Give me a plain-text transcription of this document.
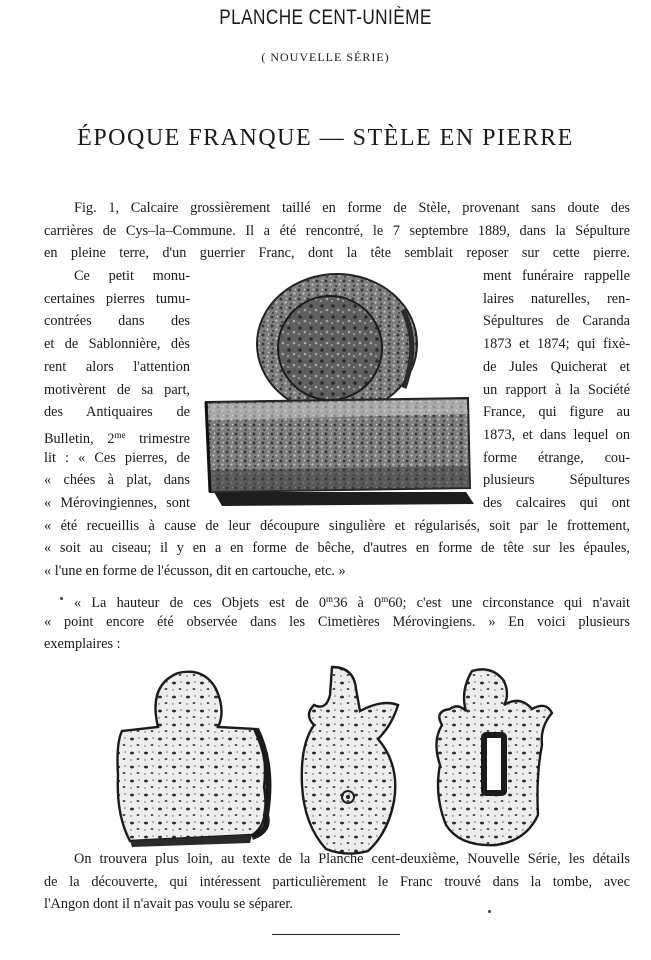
PLANCHE CENT-UNIÈME
( NOUVELLE SÉRIE)
ÉPOQUE FRANQUE — STÈLE EN PIERRE
Fig. 1, Calcaire grossièrement taillé en forme de Stèle, provenant sans doute des
carrières de Cys–la–Commune. Il a été rencontré, le 7 septembre 1889, dans la Sépulture
en pleine terre, d'un guerrier Franc, dont la tête semblait reposer sur cette pierre.
Ce petit monu-
certaines pierres tumu-
contrées dans des
et de Sablonnière, dès
rent alors l'attention
motivèrent de sa part,
des Antiquaires de
Bulletin, $2^{me}$ trimestre
lit : « Ces pierres, de
« chées à plat, dans
« Mérovingiennes, sont
ment funéraire rappelle
laires naturelles, ren-
Sépultures de Caranda
1873 et 1874; qui fixè-
de Jules Quicherat et
un rapport à la Société
France, qui figure au
1873, et dans lequel on
forme étrange, cou-
plusieurs Sépultures
des calcaires qui ont
« été recueillis à cause de leur découpure singulière et régularisés, soit par le frottement,
« soit au ciseau; il y en a en forme de bêche, d'autres en forme de tête sur les épaules,
« l'une en forme de l'écusson, dit en cartouche, etc. »
« La hauteur de ces Objets est de 0$^m$36 à 0$^m$60; c'est une circonstance qui n'avait
« point encore été observée dans les Cimetières Mérovingiens. » En voici plusieurs
exemplaires :
On trouvera plus loin, au texte de la Planche cent-deuxième, Nouvelle Série, les détails
de la découverte, qui intéressent particulièrement le Franc trouvé dans la tombe, avec
l'Angon dont il n'avait pas voulu se séparer.
